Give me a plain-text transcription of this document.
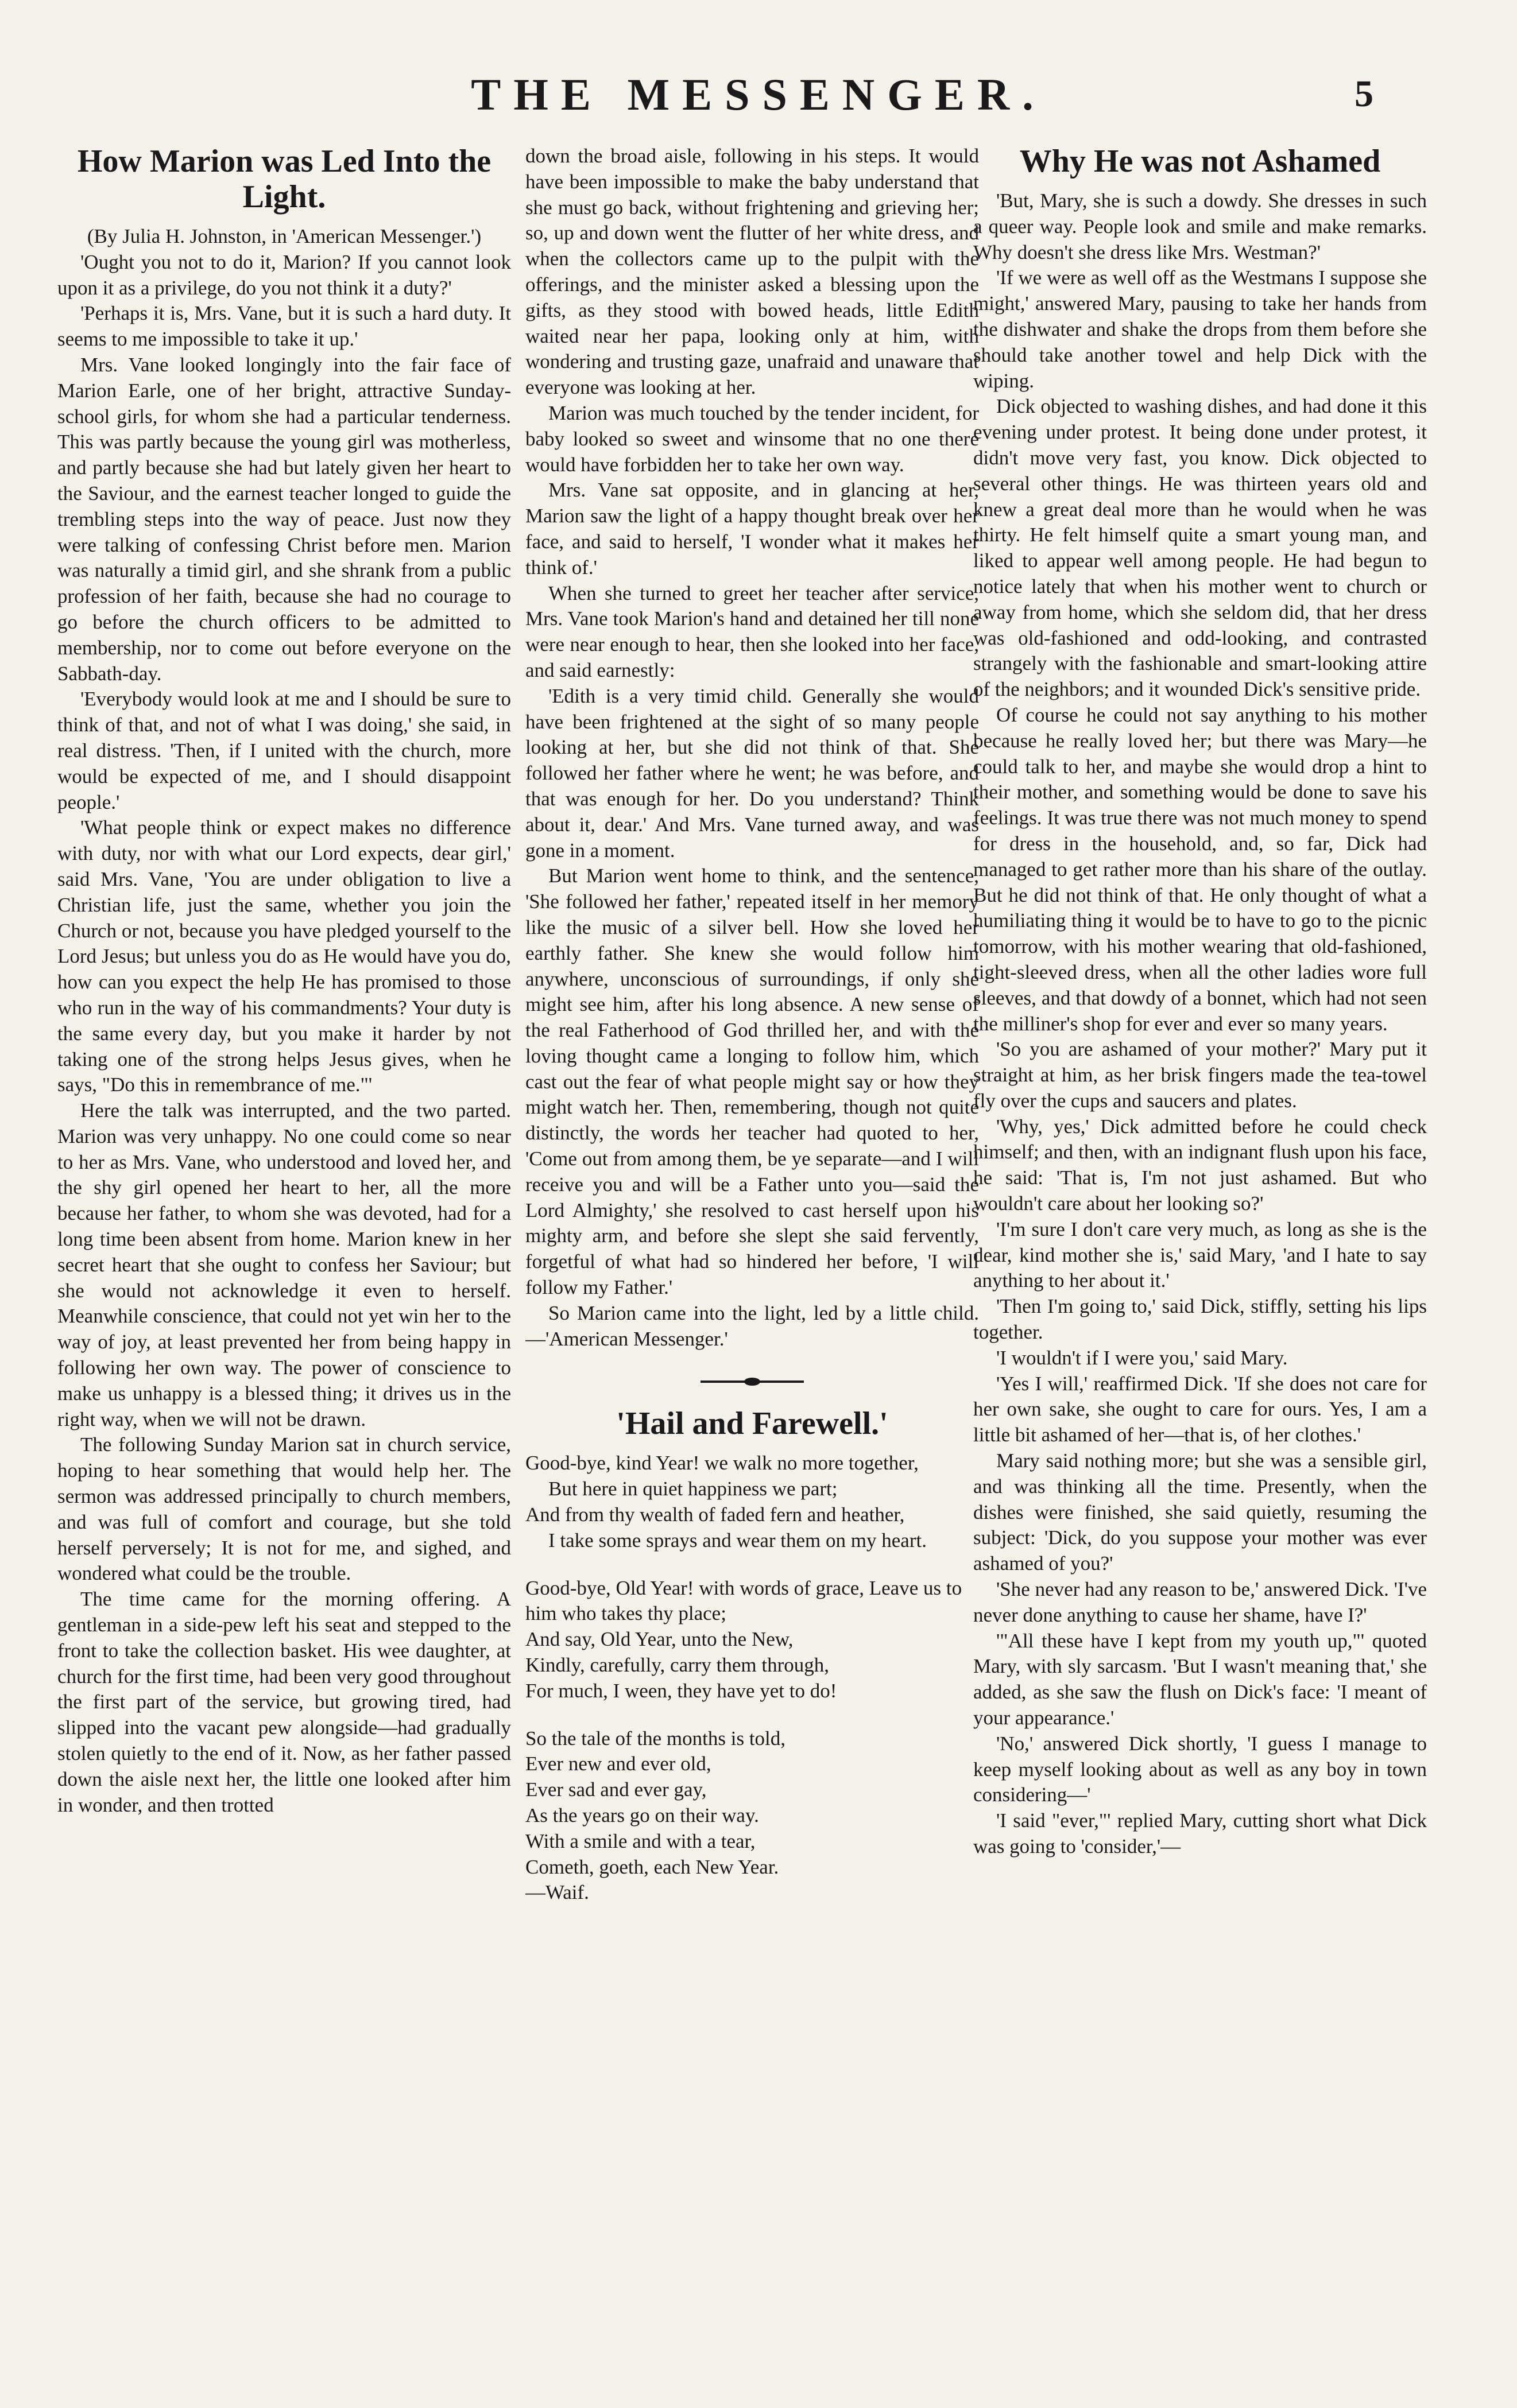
THE MESSENGER.	5
How Marion was Led Into the Light.

(By Julia H. Johnston, in 'American Messenger.')

'Ought you not to do it, Marion? If you cannot look upon it as a privilege, do you not think it a duty?'

'Perhaps it is, Mrs. Vane, but it is such a hard duty. It seems to me impossible to take it up.'

Mrs. Vane looked longingly into the fair face of Marion Earle, one of her bright, attractive Sunday-school girls, for whom she had a particular tenderness. This was partly because the young girl was motherless, and partly because she had but lately given her heart to the Saviour, and the earnest teacher longed to guide the trembling steps into the way of peace. Just now they were talking of confessing Christ before men. Marion was naturally a timid girl, and she shrank from a public profession of her faith, because she had no courage to go before the church officers to be admitted to membership, nor to come out before everyone on the Sabbath-day.

'Everybody would look at me and I should be sure to think of that, and not of what I was doing,' she said, in real distress. 'Then, if I united with the church, more would be expected of me, and I should disappoint people.'

'What people think or expect makes no difference with duty, nor with what our Lord expects, dear girl,' said Mrs. Vane, 'You are under obligation to live a Christian life, just the same, whether you join the Church or not, because you have pledged yourself to the Lord Jesus; but unless you do as He would have you do, how can you expect the help He has promised to those who run in the way of his commandments? Your duty is the same every day, but you make it harder by not taking one of the strong helps Jesus gives, when he says, "Do this in remembrance of me."'

Here the talk was interrupted, and the two parted. Marion was very unhappy. No one could come so near to her as Mrs. Vane, who understood and loved her, and the shy girl opened her heart to her, all the more because her father, to whom she was devoted, had for a long time been absent from home. Marion knew in her secret heart that she ought to confess her Saviour; but she would not acknowledge it even to herself. Meanwhile conscience, that could not yet win her to the way of joy, at least prevented her from being happy in following her own way. The power of conscience to make us unhappy is a blessed thing; it drives us in the right way, when we will not be drawn.

The following Sunday Marion sat in church service, hoping to hear something that would help her. The sermon was addressed principally to church members, and was full of comfort and courage, but she told herself perversely; It is not for me, and sighed, and wondered what could be the trouble.

The time came for the morning offering. A gentleman in a side-pew left his seat and stepped to the front to take the collection basket. His wee daughter, at church for the first time, had been very good throughout the first part of the service, but growing tired, had slipped into the vacant pew alongside—had gradually stolen quietly to the end of it. Now, as her father passed down the aisle next her, the little one looked after him in wonder, and then trotted

down the broad aisle, following in his steps. It would have been impossible to make the baby understand that she must go back, without frightening and grieving her; so, up and down went the flutter of her white dress, and when the collectors came up to the pulpit with the offerings, and the minister asked a blessing upon the gifts, as they stood with bowed heads, little Edith waited near her papa, looking only at him, with wondering and trusting gaze, unafraid and unaware that everyone was looking at her.

Marion was much touched by the tender incident, for baby looked so sweet and winsome that no one there would have forbidden her to take her own way.

Mrs. Vane sat opposite, and in glancing at her, Marion saw the light of a happy thought break over her face, and said to herself, 'I wonder what it makes her think of.'

When she turned to greet her teacher after service, Mrs. Vane took Marion's hand and detained her till none were near enough to hear, then she looked into her face, and said earnestly:

'Edith is a very timid child. Generally she would have been frightened at the sight of so many people looking at her, but she did not think of that. She followed her father where he went; he was before, and that was enough for her. Do you understand? Think about it, dear.' And Mrs. Vane turned away, and was gone in a moment.

But Marion went home to think, and the sentence, 'She followed her father,' repeated itself in her memory like the music of a silver bell. How she loved her earthly father. She knew she would follow him anywhere, unconscious of surroundings, if only she might see him, after his long absence. A new sense of the real Fatherhood of God thrilled her, and with the loving thought came a longing to follow him, which cast out the fear of what people might say or how they might watch her. Then, remembering, though not quite distinctly, the words her teacher had quoted to her, 'Come out from among them, be ye separate—and I will receive you and will be a Father unto you—said the Lord Almighty,' she resolved to cast herself upon his mighty arm, and before she slept she said fervently, forgetful of what had so hindered her before, 'I will follow my Father.'

So Marion came into the light, led by a little child.—'American Messenger.'

'Hail and Farewell.'

Good-bye, kind Year! we walk no more together,

But here in quiet happiness we part;

And from thy wealth of faded fern and heather,

I take some sprays and wear them on my heart.

Good-bye, Old Year! with words of grace, Leave us to him who takes thy place;

And say, Old Year, unto the New,

Kindly, carefully, carry them through,

For much, I ween, they have yet to do!

So the tale of the months is told,

Ever new and ever old,

Ever sad and ever gay,

As the years go on their way.

With a smile and with a tear,

Cometh, goeth, each New Year.

—Waif.

Why He was not Ashamed

'But, Mary, she is such a dowdy. She dresses in such a queer way. People look and smile and make remarks. Why doesn't she dress like Mrs. Westman?'

'If we were as well off as the Westmans I suppose she might,' answered Mary, pausing to take her hands from the dishwater and shake the drops from them before she should take another towel and help Dick with the wiping.

Dick objected to washing dishes, and had done it this evening under protest. It being done under protest, it didn't move very fast, you know. Dick objected to several other things. He was thirteen years old and knew a great deal more than he would when he was thirty. He felt himself quite a smart young man, and liked to appear well among people. He had begun to notice lately that when his mother went to church or away from home, which she seldom did, that her dress was old-fashioned and odd-looking, and contrasted strangely with the fashionable and smart-looking attire of the neighbors; and it wounded Dick's sensitive pride.

Of course he could not say anything to his mother because he really loved her; but there was Mary—he could talk to her, and maybe she would drop a hint to their mother, and something would be done to save his feelings. It was true there was not much money to spend for dress in the household, and, so far, Dick had managed to get rather more than his share of the outlay. But he did not think of that. He only thought of what a humiliating thing it would be to have to go to the picnic tomorrow, with his mother wearing that old-fashioned, tight-sleeved dress, when all the other ladies wore full sleeves, and that dowdy of a bonnet, which had not seen the milliner's shop for ever and ever so many years.

'So you are ashamed of your mother?' Mary put it straight at him, as her brisk fingers made the tea-towel fly over the cups and saucers and plates.

'Why, yes,' Dick admitted before he could check himself; and then, with an indignant flush upon his face, he said: 'That is, I'm not just ashamed. But who wouldn't care about her looking so?'

'I'm sure I don't care very much, as long as she is the dear, kind mother she is,' said Mary, 'and I hate to say anything to her about it.'

'Then I'm going to,' said Dick, stiffly, setting his lips together.

'I wouldn't if I were you,' said Mary.

'Yes I will,' reaffirmed Dick. 'If she does not care for her own sake, she ought to care for ours. Yes, I am a little bit ashamed of her—that is, of her clothes.'

Mary said nothing more; but she was a sensible girl, and was thinking all the time. Presently, when the dishes were finished, she said quietly, resuming the subject: 'Dick, do you suppose your mother was ever ashamed of you?'

'She never had any reason to be,' answered Dick. 'I've never done anything to cause her shame, have I?'

'"All these have I kept from my youth up,"' quoted Mary, with sly sarcasm. 'But I wasn't meaning that,' she added, as she saw the flush on Dick's face: 'I meant of your appearance.'

'No,' answered Dick shortly, 'I guess I manage to keep myself looking about as well as any boy in town considering—'

'I said "ever,"' replied Mary, cutting short what Dick was going to 'consider,'—
